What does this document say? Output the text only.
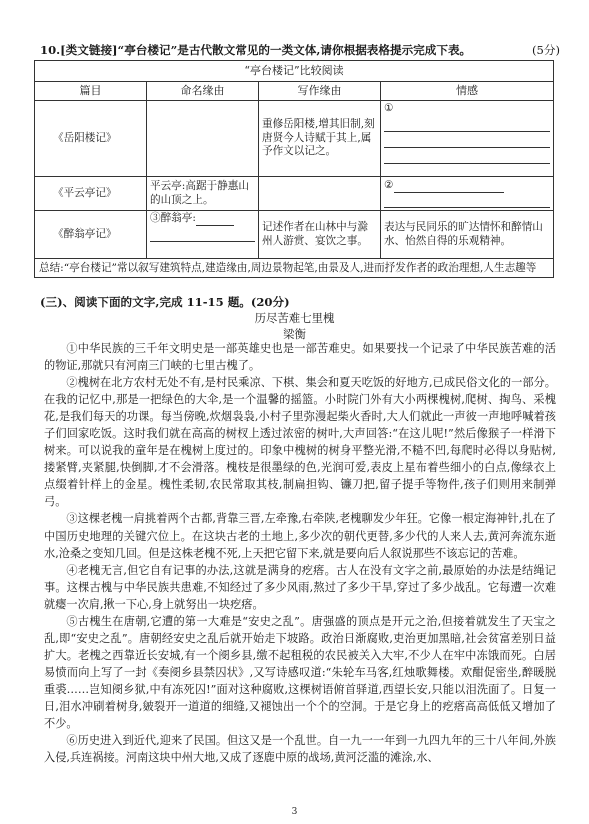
10.[类文链接]“亭台楼记”是古代散文常见的一类文体,请你根据表格提示完成下表。	(5分)
“亭台楼记”比较阅读			
篇目	命名缘由	写作缘由	情感
《岳阳楼记》		重修岳阳楼,增其旧制,刻唐贤今人诗赋于其上,属予作文以记之。	①

《平云亭记》	平云亭:高踞于静惠山的山顶之上。		②

《醉翁亭记》	③醉翁亭:	记述作者在山林中与滁州人游赏、宴饮之事。	表达与民同乐的旷达情怀和醉情山水、怡然自得的乐观精神。
总结:“亭台楼记”常以叙写建筑特点,建造缘由,周边景物起笔,由景及人,进而抒发作者的政治理想,人生志趣等			
(三)、阅读下面的文字,完成 11-15 题。(20分)
历尽苦难七里槐
梁衡

①中华民族的三千年文明史是一部英雄史也是一部苦难史。如果要找一个记录了中华民族苦难的活的物证,那就只有河南三门峡的七里古槐了。

②槐树在北方农村无处不有,是村民乘凉、下棋、集会和夏天吃饭的好地方,已成民俗文化的一部分。在我的记忆中,那是一把绿色的大伞,是一个温馨的摇篮。小时院门外有大小两棵槐树,爬树、掏鸟、采槐花,是我们每天的功课。每当傍晚,炊烟袅袅,小村子里弥漫起柴火香时,大人们就此一声彼一声地呼喊着孩子们回家吃饭。这时我们就在高高的树杈上透过浓密的树叶,大声回答:“在这儿呢!”然后像猴子一样滑下树来。可以说我的童年是在槐树上度过的。印象中槐树的树身平整光滑,不糙不凹,每爬时必得以身贴树,搂紧臂,夹紧腿,快倒脚,才不会滑落。槐枝是很墨绿的色,光润可爱,表皮上星布着些细小的白点,像绿衣上点缀着针样上的金星。槐性柔韧,农民常取其枝,制扁担钩、镰刀把,留子提手等物件,孩子们则用来制弹弓。

③这棵老槐一肩挑着两个古都,背靠三晋,左牵豫,右牵陕,老槐聊发少年狂。它像一根定海神针,扎在了中国历史地理的关键穴位上。在这块古老的土地上,多少次的朝代更替,多少代的人来人去,黄河奔流东逝水,沧桑之变知几回。但是这株老槐不死,上天把它留下来,就是要向后人叙说那些不该忘记的苦难。

④老槐无言,但它自有记事的办法,这就是满身的疙瘩。古人在没有文字之前,最原始的办法是结绳记事。这棵古槐与中华民族共患难,不知经过了多少风雨,熬过了多少干旱,穿过了多少战乱。它每遭一次难就瘿一次肩,揪一下心,身上就努出一块疙瘩。

⑤古槐生在唐朝,它遭的第一大难是“安史之乱”。唐强盛的顶点是开元之治,但接着就发生了天宝之乱,即“安史之乱”。唐朝经安史之乱后就开始走下坡路。政治日渐腐败,吏治更加黑暗,社会贫富差别日益扩大。老槐之西靠近长安城,有一个阌乡县,缴不起租税的农民被关入大牢,不少人在牢中冻饿而死。白居易愤而向上写了一封《奏阌乡县禁囚状》,又写诗感叹道:“朱轮车马客,红烛歌舞楼。欢酣促密坐,醉暖脱重裘……岂知阌乡狱,中有冻死囚!”面对这种腐败,这棵树语俯首驿道,西望长安,只能以泪洗面了。日复一日,泪水冲刷着树身,皴裂开一道道的细缝,又褪蚀出一个个的空洞。于是它身上的疙瘩高高低低又增加了不少。

⑥历史进入到近代,迎来了民国。但这又是一个乱世。自一九一一年到一九四九年的三十八年间,外族入侵,兵连祸接。河南这块中州大地,又成了逐鹿中原的战场,黄河泛滥的滩涂,水、

3
